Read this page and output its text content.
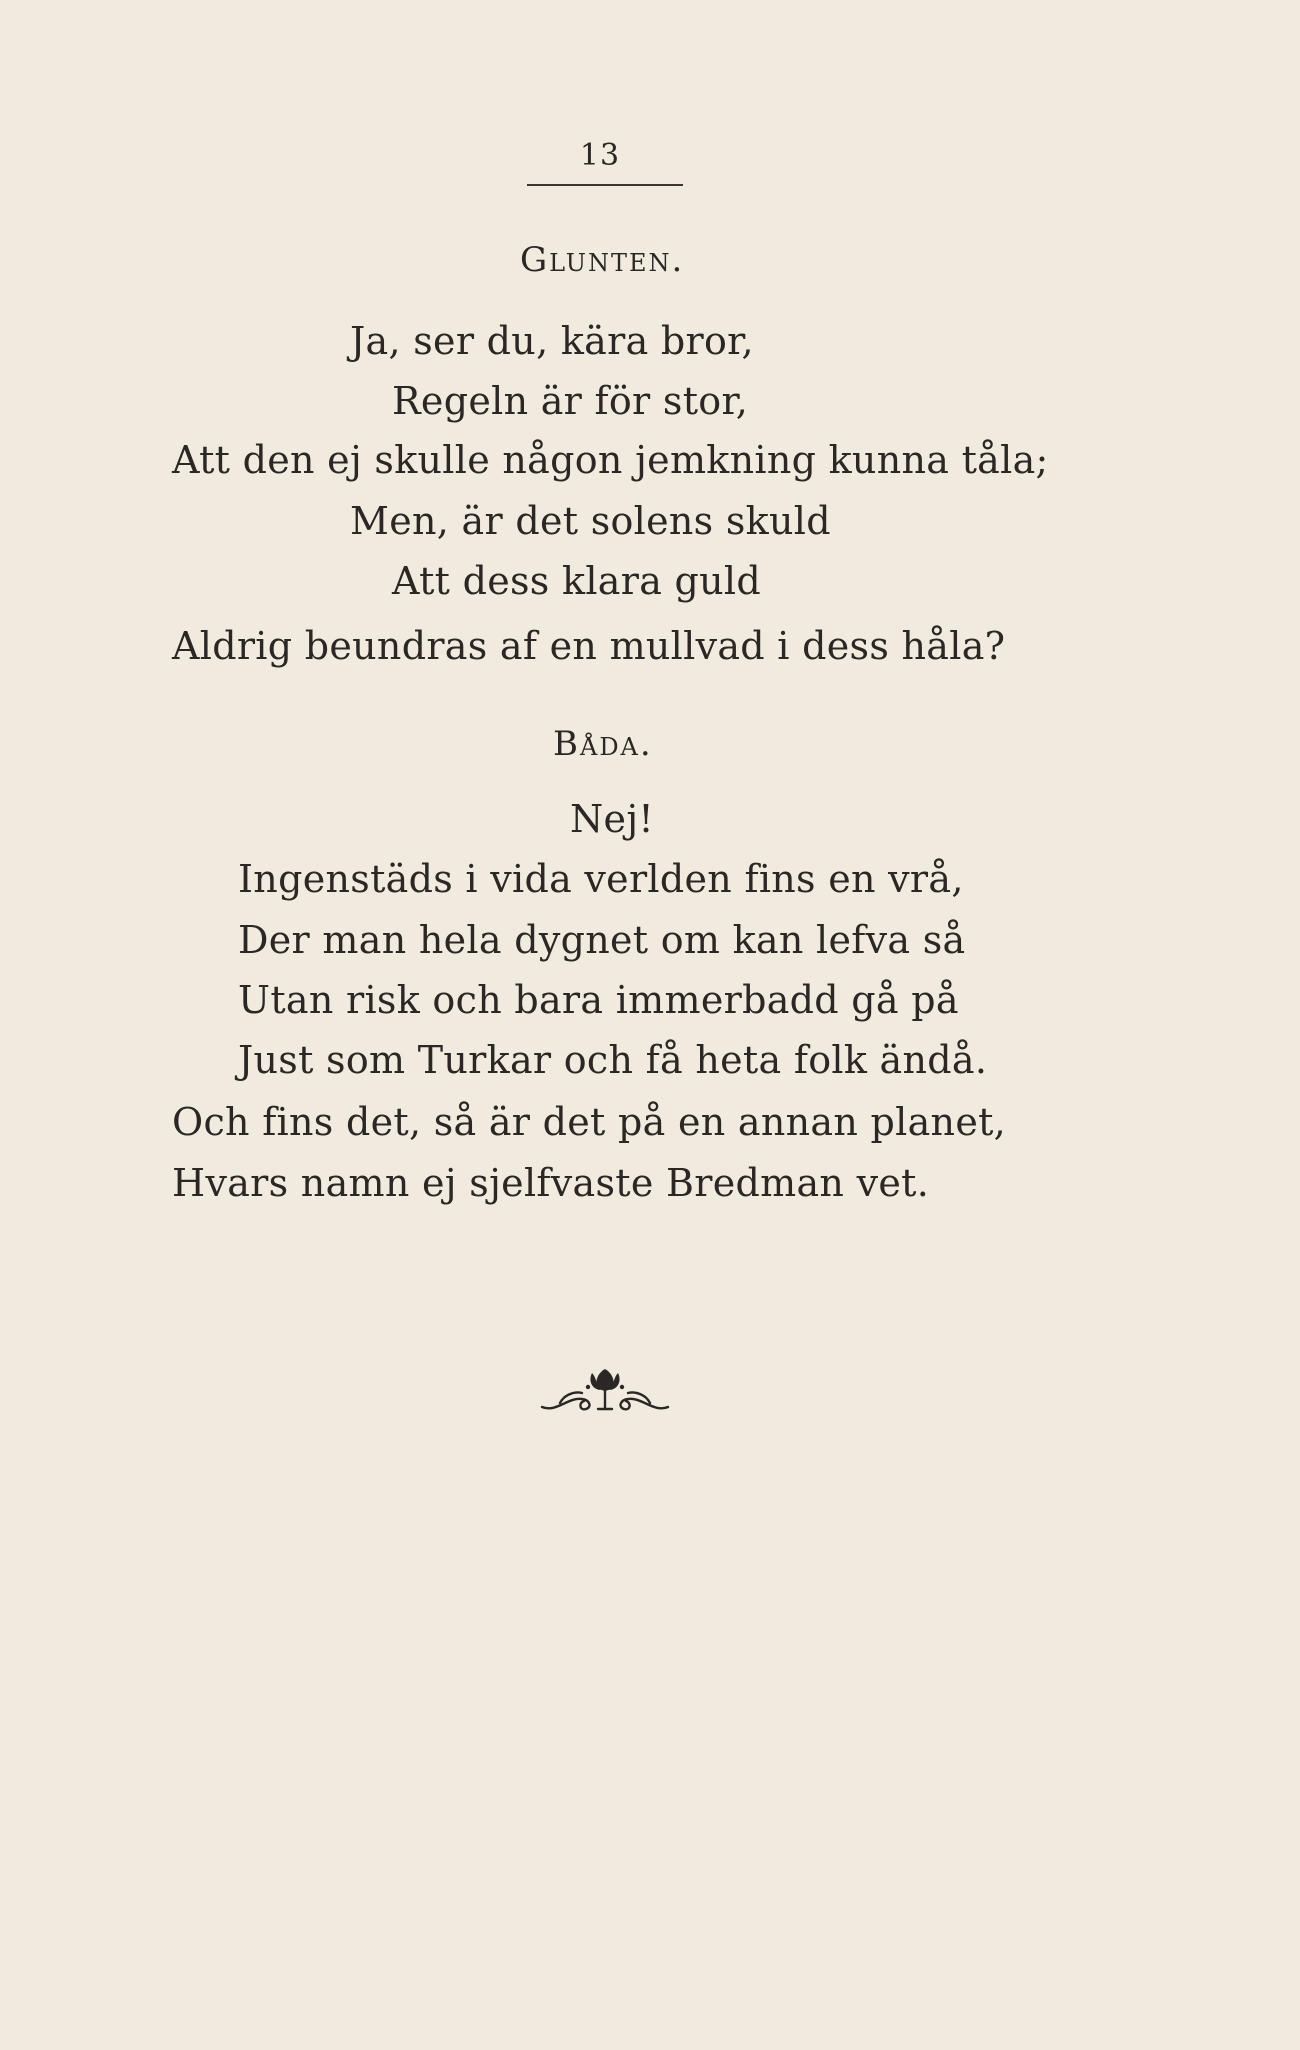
13
Glunten.
Ja, ser du, kära bror,
Regeln är för stor,
Att den ej skulle någon jemkning kunna tåla;
Men, är det solens skuld
Att dess klara guld
Aldrig beundras af en mullvad i dess håla?
Båda.
Nej!
Ingenstäds i vida verlden fins en vrå,
Der man hela dygnet om kan lefva så
Utan risk och bara immerbadd gå på
Just som Turkar och få heta folk ändå.
Och fins det, så är det på en annan planet,
Hvars namn ej sjelfvaste Bredman vet.
